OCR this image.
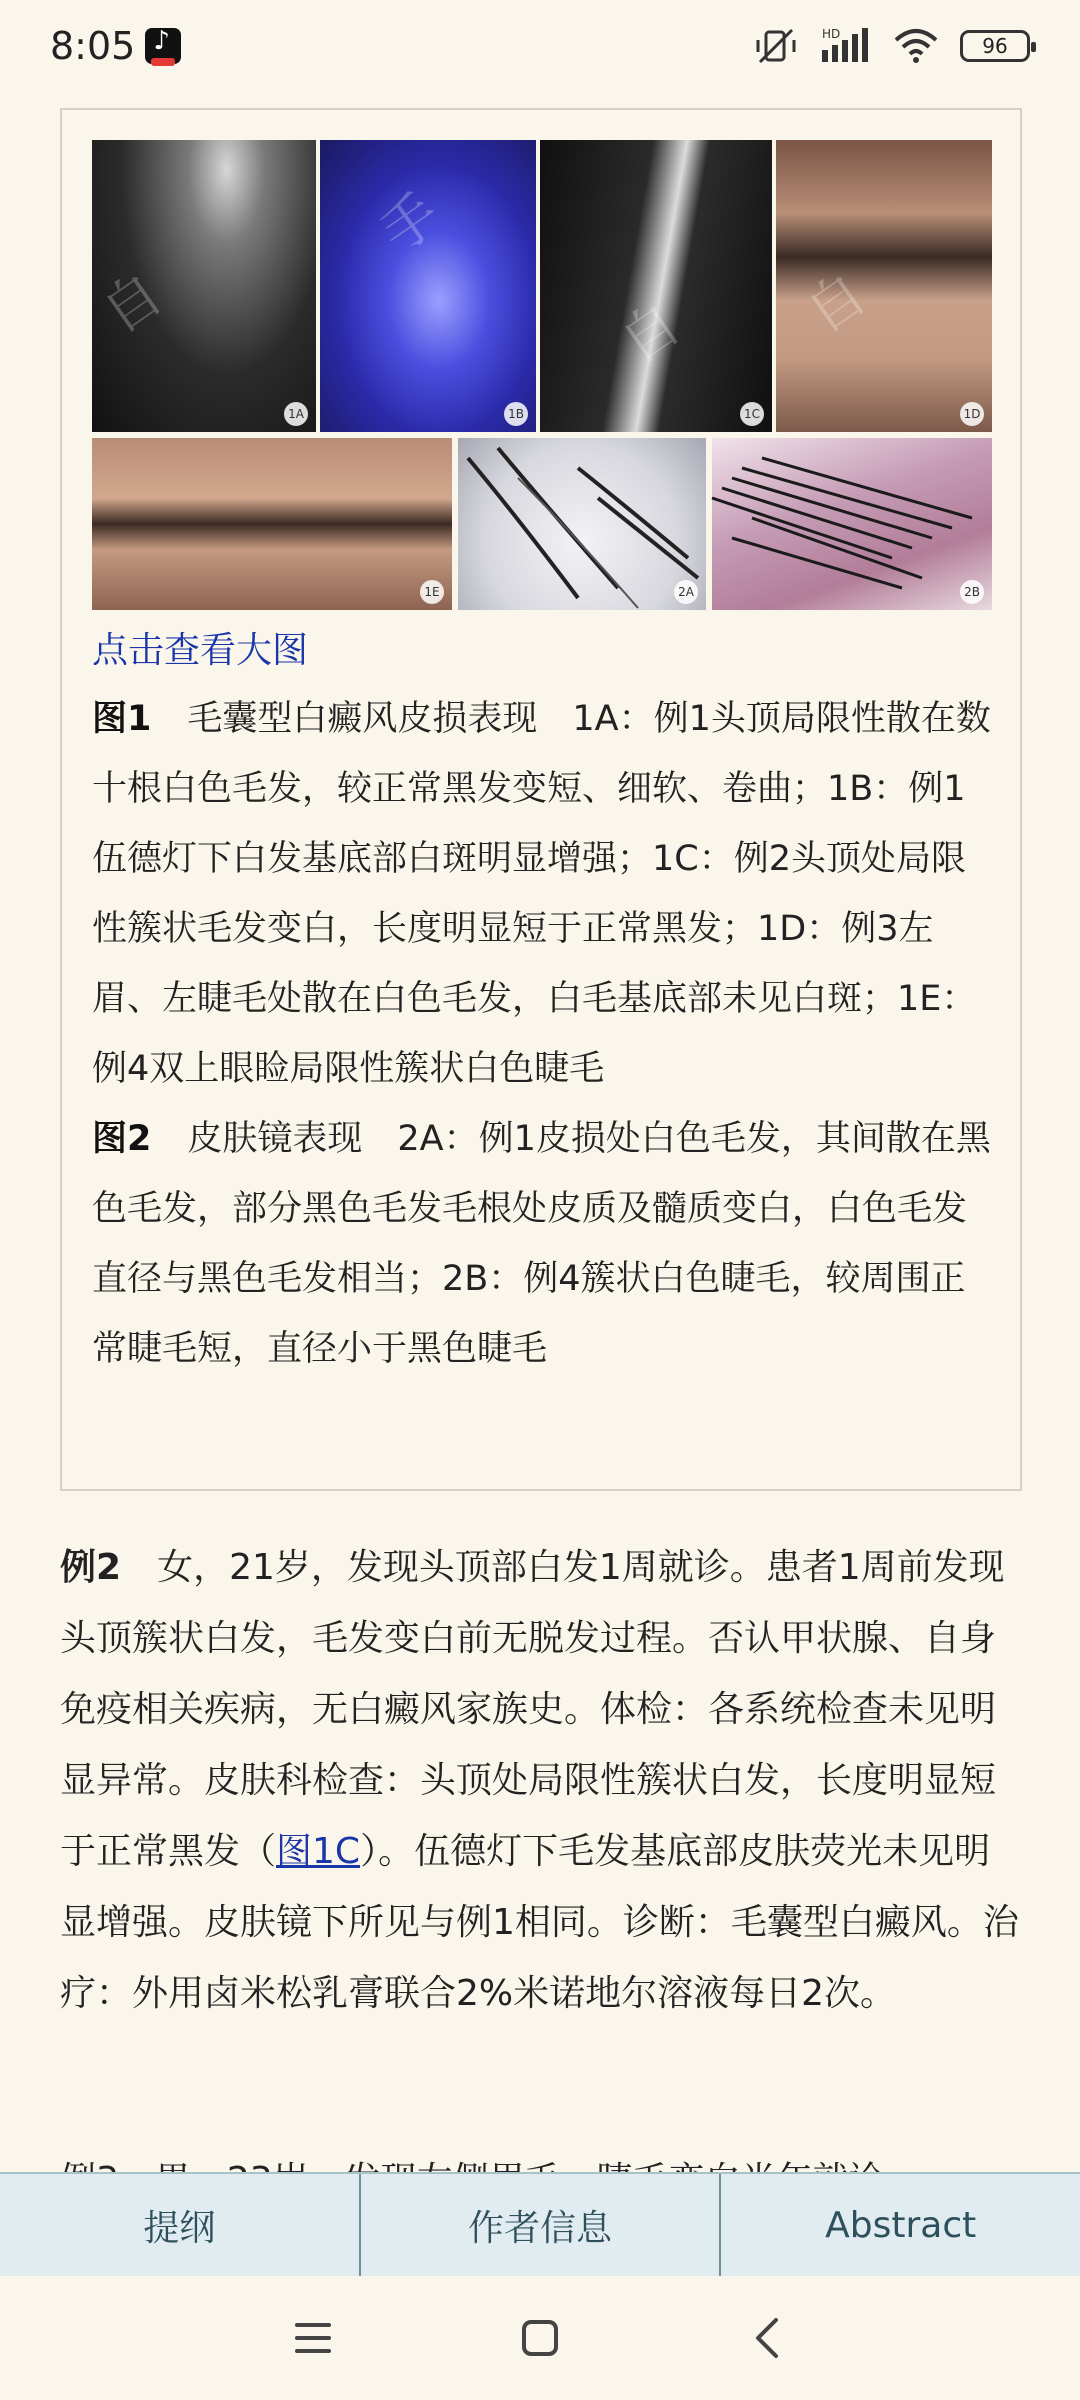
8:05
♪	HD	96
自
1A
手
1B
自
1C
自
1D
1E	2A	2B
点击查看大图
图1 毛囊型白癜风皮损表现　1A：例1头顶局限性散在数十根白色毛发，较正常黑发变短、细软、卷曲；1B：例1伍德灯下白发基底部白斑明显增强；1C：例2头顶处局限性簇状毛发变白，长度明显短于正常黑发；1D：例3左眉、左睫毛处散在白色毛发，白毛基底部未见白斑；1E：例4双上眼睑局限性簇状白色睫毛
图2 皮肤镜表现　2A：例1皮损处白色毛发，其间散在黑色毛发，部分黑色毛发毛根处皮质及髓质变白，白色毛发直径与黑色毛发相当；2B：例4簇状白色睫毛，较周围正常睫毛短，直径小于黑色睫毛
例2 女，21岁，发现头顶部白发1周就诊。患者1周前发现头顶簇状白发，毛发变白前无脱发过程。否认甲状腺、自身免疫相关疾病，无白癜风家族史。体检：各系统检查未见明显异常。皮肤科检查：头顶处局限性簇状白发，长度明显短于正常黑发（图1C）。伍德灯下毛发基底部皮肤荧光未见明显增强。皮肤镜下所见与例1相同。诊断：毛囊型白癜风。治疗：外用卤米松乳膏联合2%米诺地尔溶液每日2次。
提纲	作者信息	Abstract
